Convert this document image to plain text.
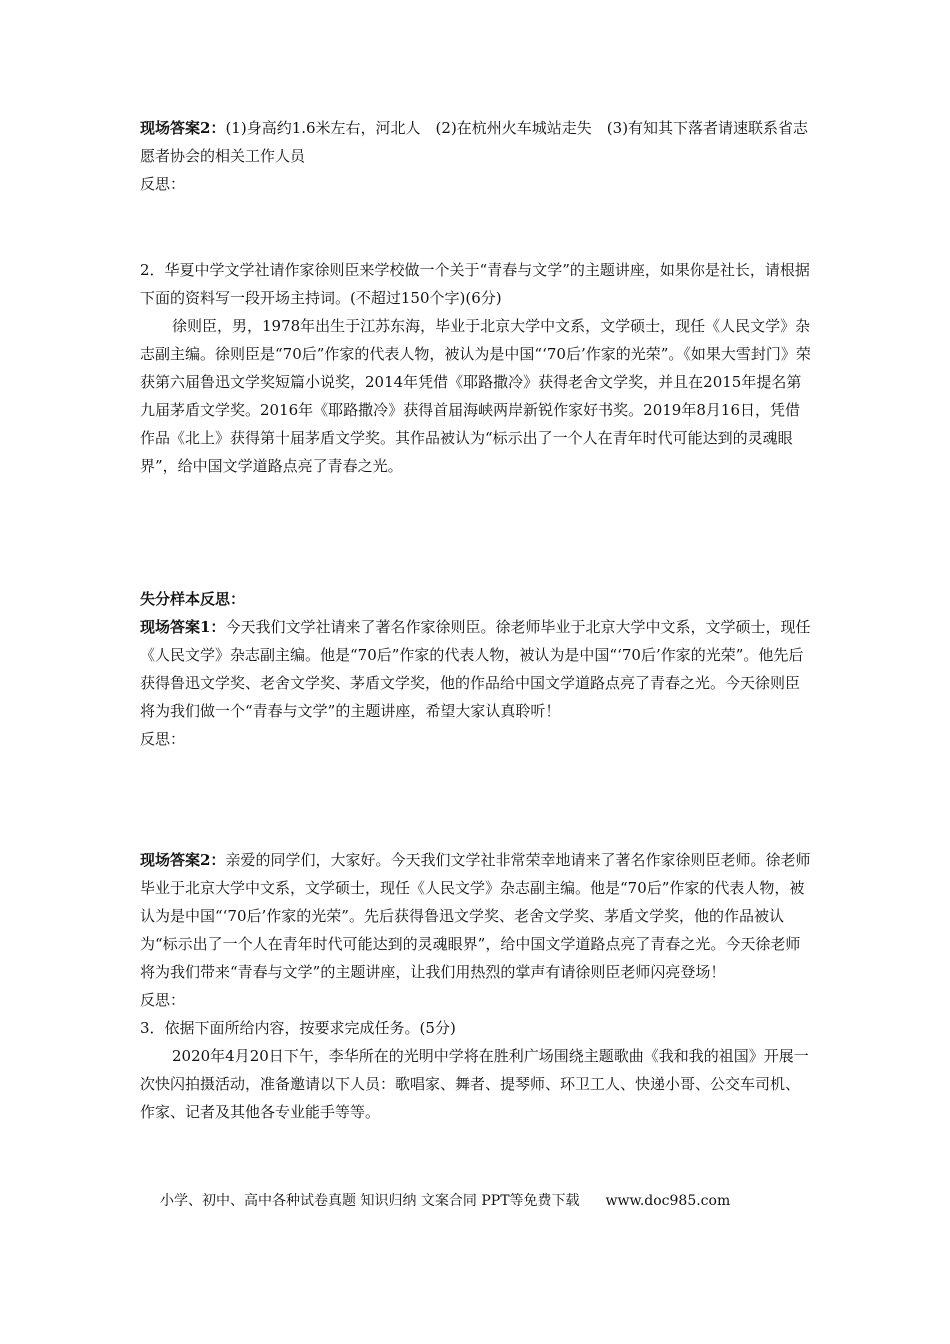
现场答案2：(1)身高约1.6米左右，河北人　(2)在杭州火车城站走失　(3)有知其下落者请速联系省志愿者协会的相关工作人员

反思：

2．华夏中学文学社请作家徐则臣来学校做一个关于“青春与文学”的主题讲座，如果你是社长，请根据下面的资料写一段开场主持词。(不超过150个字)(6分)

徐则臣，男，1978年出生于江苏东海，毕业于北京大学中文系，文学硕士，现任《人民文学》杂志副主编。徐则臣是“70后”作家的代表人物，被认为是中国“‘70后’作家的光荣”。《如果大雪封门》荣获第六届鲁迅文学奖短篇小说奖，2014年凭借《耶路撒冷》获得老舍文学奖，并且在2015年提名第九届茅盾文学奖。2016年《耶路撒冷》获得首届海峡两岸新锐作家好书奖。2019年8月16日，凭借作品《北上》获得第十届茅盾文学奖。其作品被认为“标示出了一个人在青年时代可能达到的灵魂眼界”，给中国文学道路点亮了青春之光。

失分样本反思：

现场答案1：今天我们文学社请来了著名作家徐则臣。徐老师毕业于北京大学中文系，文学硕士，现任《人民文学》杂志副主编。他是“70后”作家的代表人物，被认为是中国“‘70后’作家的光荣”。他先后获得鲁迅文学奖、老舍文学奖、茅盾文学奖，他的作品给中国文学道路点亮了青春之光。今天徐则臣将为我们做一个“青春与文学”的主题讲座，希望大家认真聆听！

反思：

现场答案2：亲爱的同学们，大家好。今天我们文学社非常荣幸地请来了著名作家徐则臣老师。徐老师毕业于北京大学中文系，文学硕士，现任《人民文学》杂志副主编。他是“70后”作家的代表人物，被认为是中国“‘70后’作家的光荣”。先后获得鲁迅文学奖、老舍文学奖、茅盾文学奖，他的作品被认为“标示出了一个人在青年时代可能达到的灵魂眼界”，给中国文学道路点亮了青春之光。今天徐老师将为我们带来“青春与文学”的主题讲座，让我们用热烈的掌声有请徐则臣老师闪亮登场！

反思：

3．依据下面所给内容，按要求完成任务。(5分)

2020年4月20日下午，李华所在的光明中学将在胜利广场围绕主题歌曲《我和我的祖国》开展一次快闪拍摄活动，准备邀请以下人员：歌唱家、舞者、提琴师、环卫工人、快递小哥、公交车司机、作家、记者及其他各专业能手等等。

小学、初中、高中各种试卷真题 知识归纳 文案合同 PPT等免费下载 www.doc985.com
